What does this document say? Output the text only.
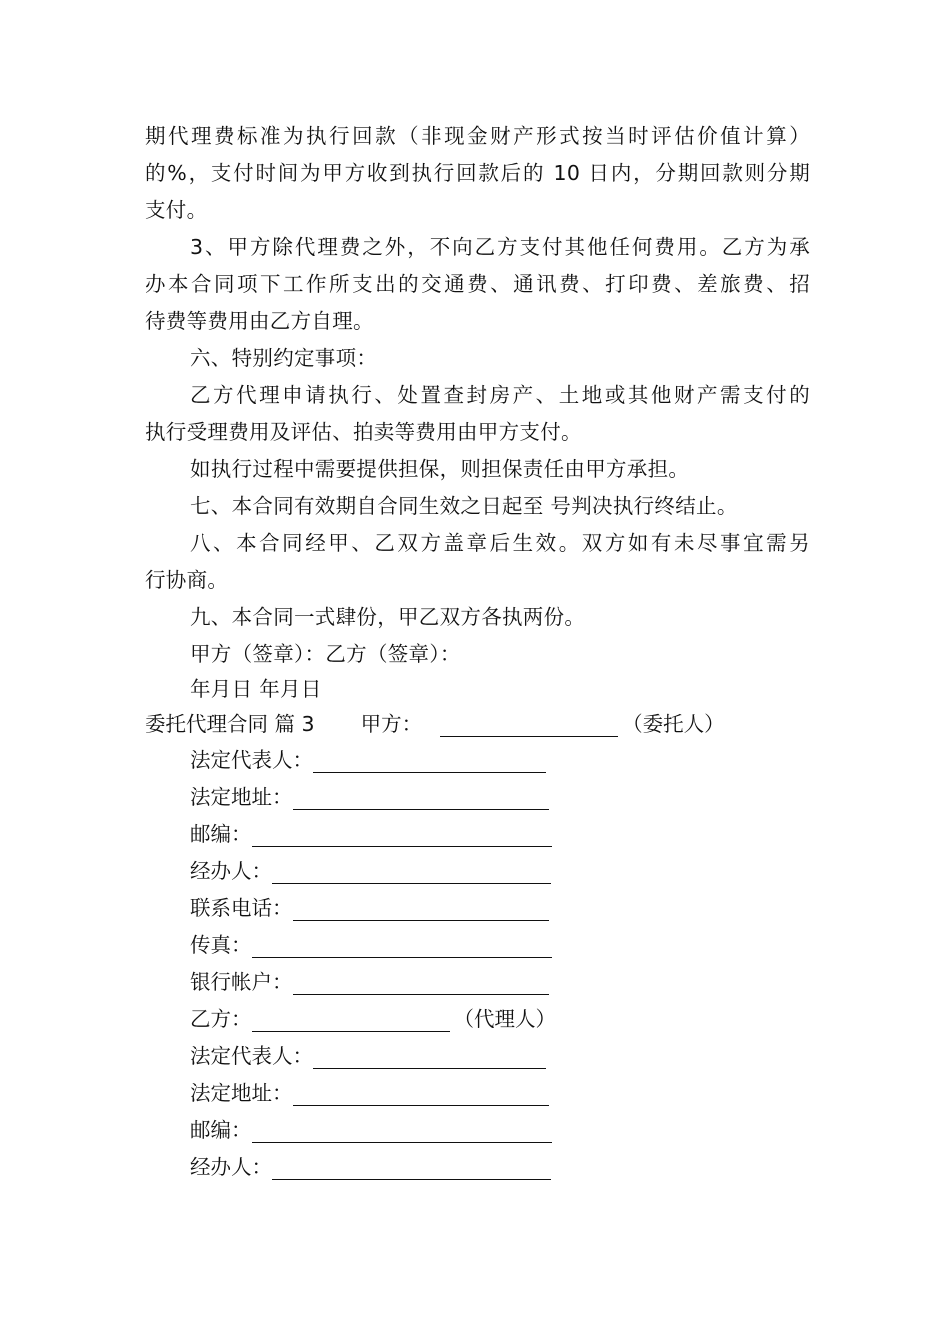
期代理费标准为执行回款（非现金财产形式按当时评估价值计算）
的%，支付时间为甲方收到执行回款后的 10 日内，分期回款则分期
支付。
3、甲方除代理费之外，不向乙方支付其他任何费用。乙方为承
办本合同项下工作所支出的交通费、通讯费、打印费、差旅费、招
待费等费用由乙方自理。
六、特别约定事项：
乙方代理申请执行、处置查封房产、土地或其他财产需支付的
执行受理费用及评估、拍卖等费用由甲方支付。
如执行过程中需要提供担保，则担保责任由甲方承担。
七、本合同有效期自合同生效之日起至 号判决执行终结止。
八、本合同经甲、乙双方盖章后生效。双方如有未尽事宜需另
行协商。
九、本合同一式肆份，甲乙双方各执两份。
甲方（签章）：乙方（签章）：
年月日 年月日
委托代理合同 篇 3 甲方：	（委托人）
法定代表人：
法定地址：
邮编：
经办人：
联系电话：
传真：
银行帐户：
乙方：	（代理人）
法定代表人：
法定地址：
邮编：
经办人：
